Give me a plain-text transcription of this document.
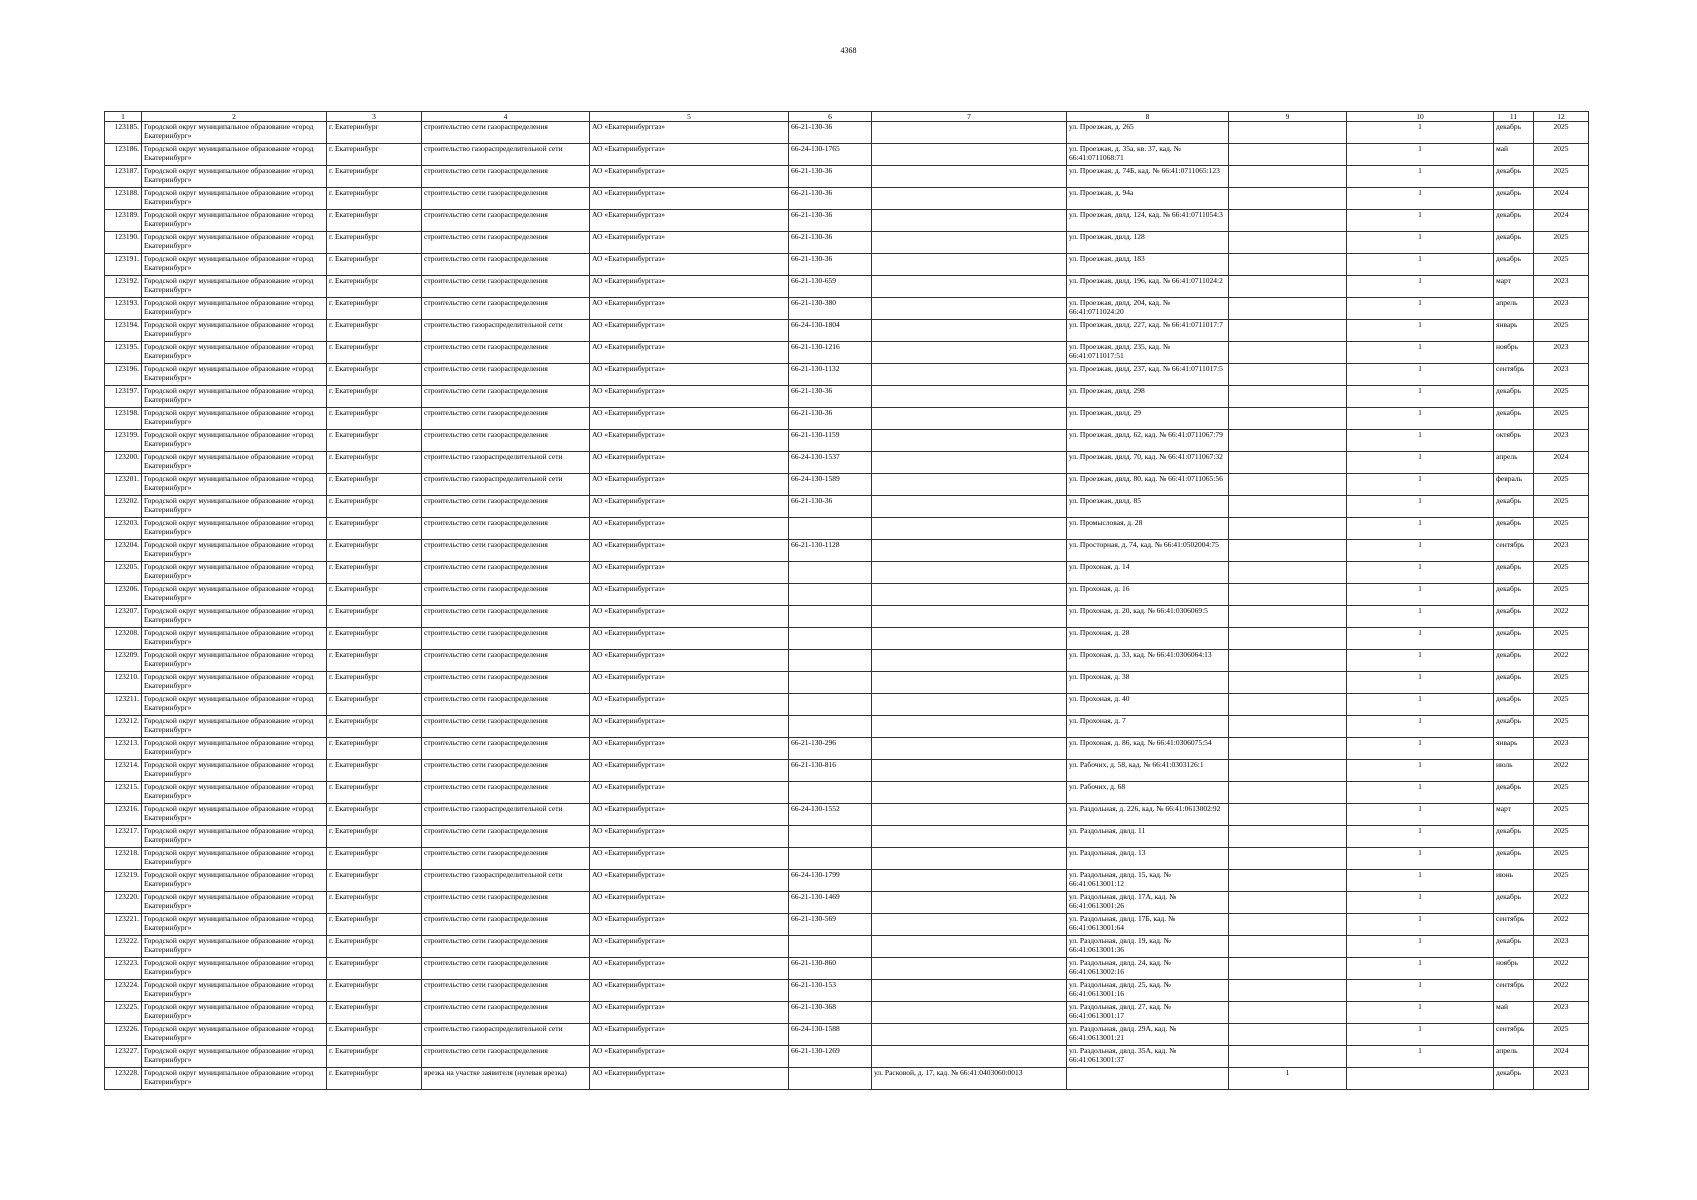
4368
1	2	3	4	5	6	7	8	9	10	11	12
123185.	Городской округ муниципальное образование «город Екатеринбург»	г. Екатеринбург	строительство сети газораспределения	АО «Екатеринбурггаз»	66-21-130-36		ул. Проезжая, д. 265		1	декабрь	2025
123186.	Городской округ муниципальное образование «город Екатеринбург»	г. Екатеринбург	строительство газораспределительной сети	АО «Екатеринбурггаз»	66-24-130-1765		ул. Проезжая, д. 35а, кв. 37, кад. № 66:41:0711068:71		1	май	2025
123187.	Городской округ муниципальное образование «город Екатеринбург»	г. Екатеринбург	строительство сети газораспределения	АО «Екатеринбурггаз»	66-21-130-36		ул. Проезжая, д. 74Б, кад. № 66:41:0711065:123		1	декабрь	2025
123188.	Городской округ муниципальное образование «город Екатеринбург»	г. Екатеринбург	строительство сети газораспределения	АО «Екатеринбурггаз»	66-21-130-36		ул. Проезжая, д. 94а		1	декабрь	2024
123189.	Городской округ муниципальное образование «город Екатеринбург»	г. Екатеринбург	строительство сети газораспределения	АО «Екатеринбурггаз»	66-21-130-36		ул. Проезжая, двлд. 124, кад. № 66:41:0711054:3		1	декабрь	2024
123190.	Городской округ муниципальное образование «город Екатеринбург»	г. Екатеринбург	строительство сети газораспределения	АО «Екатеринбурггаз»	66-21-130-36		ул. Проезжая, двлд. 128		1	декабрь	2025
123191.	Городской округ муниципальное образование «город Екатеринбург»	г. Екатеринбург	строительство сети газораспределения	АО «Екатеринбурггаз»	66-21-130-36		ул. Проезжая, двлд. 183		1	декабрь	2025
123192.	Городской округ муниципальное образование «город Екатеринбург»	г. Екатеринбург	строительство сети газораспределения	АО «Екатеринбурггаз»	66-21-130-659		ул. Проезжая, двлд. 196, кад. № 66:41:0711024:2		1	март	2023
123193.	Городской округ муниципальное образование «город Екатеринбург»	г. Екатеринбург	строительство сети газораспределения	АО «Екатеринбурггаз»	66-21-130-380		ул. Проезжая, двлд. 204, кад. № 66:41:0711024:20		1	апрель	2023
123194.	Городской округ муниципальное образование «город Екатеринбург»	г. Екатеринбург	строительство газораспределительной сети	АО «Екатеринбурггаз»	66-24-130-1804		ул. Проезжая, двлд. 227, кад. № 66:41:0711017:7		1	январь	2025
123195.	Городской округ муниципальное образование «город Екатеринбург»	г. Екатеринбург	строительство сети газораспределения	АО «Екатеринбурггаз»	66-21-130-1216		ул. Проезжая, двлд. 235, кад. № 66:41:0711017:51		1	ноябрь	2023
123196.	Городской округ муниципальное образование «город Екатеринбург»	г. Екатеринбург	строительство сети газораспределения	АО «Екатеринбурггаз»	66-21-130-1132		ул. Проезжая, двлд. 237, кад. № 66:41:0711017:5		1	сентябрь	2023
123197.	Городской округ муниципальное образование «город Екатеринбург»	г. Екатеринбург	строительство сети газораспределения	АО «Екатеринбурггаз»	66-21-130-36		ул. Проезжая, двлд. 298		1	декабрь	2025
123198.	Городской округ муниципальное образование «город Екатеринбург»	г. Екатеринбург	строительство сети газораспределения	АО «Екатеринбурггаз»	66-21-130-36		ул. Проезжая, двлд. 29		1	декабрь	2025
123199.	Городской округ муниципальное образование «город Екатеринбург»	г. Екатеринбург	строительство сети газораспределения	АО «Екатеринбурггаз»	66-21-130-1159		ул. Проезжая, двлд. 62, кад. № 66:41:0711067:79		1	октябрь	2023
123200.	Городской округ муниципальное образование «город Екатеринбург»	г. Екатеринбург	строительство газораспределительной сети	АО «Екатеринбурггаз»	66-24-130-1537		ул. Проезжая, двлд. 70, кад. № 66:41:0711067:32		1	апрель	2024
123201.	Городской округ муниципальное образование «город Екатеринбург»	г. Екатеринбург	строительство газораспределительной сети	АО «Екатеринбурггаз»	66-24-130-1589		ул. Проезжая, двлд. 80, кад. № 66:41:0711065:56		1	февраль	2025
123202.	Городской округ муниципальное образование «город Екатеринбург»	г. Екатеринбург	строительство сети газораспределения	АО «Екатеринбурггаз»	66-21-130-36		ул. Проезжая, двлд. 85		1	декабрь	2025
123203.	Городской округ муниципальное образование «город Екатеринбург»	г. Екатеринбург	строительство сети газораспределения	АО «Екатеринбурггаз»			ул. Промысловая, д. 28		1	декабрь	2025
123204.	Городской округ муниципальное образование «город Екатеринбург»	г. Екатеринбург	строительство сети газораспределения	АО «Екатеринбурггаз»	66-21-130-1128		ул. Просторная, д. 74, кад. № 66:41:0502004:75		1	сентябрь	2023
123205.	Городской округ муниципальное образование «город Екатеринбург»	г. Екатеринбург	строительство сети газораспределения	АО «Екатеринбурггаз»			ул. Прохоная, д. 14		1	декабрь	2025
123206.	Городской округ муниципальное образование «город Екатеринбург»	г. Екатеринбург	строительство сети газораспределения	АО «Екатеринбурггаз»			ул. Прохоная, д. 16		1	декабрь	2025
123207.	Городской округ муниципальное образование «город Екатеринбург»	г. Екатеринбург	строительство сети газораспределения	АО «Екатеринбурггаз»			ул. Прохоная, д. 20, кад. № 66:41:0306069:5		1	декабрь	2022
123208.	Городской округ муниципальное образование «город Екатеринбург»	г. Екатеринбург	строительство сети газораспределения	АО «Екатеринбурггаз»			ул. Прохоная, д. 28		1	декабрь	2025
123209.	Городской округ муниципальное образование «город Екатеринбург»	г. Екатеринбург	строительство сети газораспределения	АО «Екатеринбурггаз»			ул. Прохоная, д. 33, кад. № 66:41:0306064:13		1	декабрь	2022
123210.	Городской округ муниципальное образование «город Екатеринбург»	г. Екатеринбург	строительство сети газораспределения	АО «Екатеринбурггаз»			ул. Прохоная, д. 38		1	декабрь	2025
123211.	Городской округ муниципальное образование «город Екатеринбург»	г. Екатеринбург	строительство сети газораспределения	АО «Екатеринбурггаз»			ул. Прохоная, д. 40		1	декабрь	2025
123212.	Городской округ муниципальное образование «город Екатеринбург»	г. Екатеринбург	строительство сети газораспределения	АО «Екатеринбурггаз»			ул. Прохоная, д. 7		1	декабрь	2025
123213.	Городской округ муниципальное образование «город Екатеринбург»	г. Екатеринбург	строительство сети газораспределения	АО «Екатеринбурггаз»	66-21-130-296		ул. Прохоная, д. 86, кад. № 66:41:0306075:54		1	январь	2023
123214.	Городской округ муниципальное образование «город Екатеринбург»	г. Екатеринбург	строительство сети газораспределения	АО «Екатеринбурггаз»	66-21-130-816		ул. Рабочих, д. 58, кад. № 66:41:0303126:1		1	июль	2022
123215.	Городской округ муниципальное образование «город Екатеринбург»	г. Екатеринбург	строительство сети газораспределения	АО «Екатеринбурггаз»			ул. Рабочих, д. 68		1	декабрь	2025
123216.	Городской округ муниципальное образование «город Екатеринбург»	г. Екатеринбург	строительство газораспределительной сети	АО «Екатеринбурггаз»	66-24-130-1552		ул. Раздольная, д. 226, кад. № 66:41:0613002:92		1	март	2025
123217.	Городской округ муниципальное образование «город Екатеринбург»	г. Екатеринбург	строительство сети газораспределения	АО «Екатеринбурггаз»			ул. Раздольная, двлд. 11		1	декабрь	2025
123218.	Городской округ муниципальное образование «город Екатеринбург»	г. Екатеринбург	строительство сети газораспределения	АО «Екатеринбурггаз»			ул. Раздольная, двлд. 13		1	декабрь	2025
123219.	Городской округ муниципальное образование «город Екатеринбург»	г. Екатеринбург	строительство газораспределительной сети	АО «Екатеринбурггаз»	66-24-130-1799		ул. Раздольная, двлд. 15, кад. № 66:41:0613001:12		1	июнь	2025
123220.	Городской округ муниципальное образование «город Екатеринбург»	г. Екатеринбург	строительство сети газораспределения	АО «Екатеринбурггаз»	66-21-130-1469		ул. Раздольная, двлд. 17А, кад. № 66:41:0613001:26		1	декабрь	2022
123221.	Городской округ муниципальное образование «город Екатеринбург»	г. Екатеринбург	строительство сети газораспределения	АО «Екатеринбурггаз»	66-21-130-569		ул. Раздольная, двлд. 17Б, кад. № 66:41:0613001:64		1	сентябрь	2022
123222.	Городской округ муниципальное образование «город Екатеринбург»	г. Екатеринбург	строительство сети газораспределения	АО «Екатеринбурггаз»			ул. Раздольная, двлд. 19, кад. № 66:41:0613001:36		1	декабрь	2023
123223.	Городской округ муниципальное образование «город Екатеринбург»	г. Екатеринбург	строительство сети газораспределения	АО «Екатеринбурггаз»	66-21-130-860		ул. Раздольная, двлд. 24, кад. № 66:41:0613002:16		1	ноябрь	2022
123224.	Городской округ муниципальное образование «город Екатеринбург»	г. Екатеринбург	строительство сети газораспределения	АО «Екатеринбурггаз»	66-21-130-153		ул. Раздольная, двлд. 25, кад. № 66:41:0613001:16		1	сентябрь	2022
123225.	Городской округ муниципальное образование «город Екатеринбург»	г. Екатеринбург	строительство сети газораспределения	АО «Екатеринбурггаз»	66-21-130-368		ул. Раздольная, двлд. 27, кад. № 66:41:0613001:17		1	май	2023
123226.	Городской округ муниципальное образование «город Екатеринбург»	г. Екатеринбург	строительство газораспределительной сети	АО «Екатеринбурггаз»	66-24-130-1588		ул. Раздольная, двлд. 29А, кад. № 66:41:0613001:21		1	сентябрь	2025
123227.	Городской округ муниципальное образование «город Екатеринбург»	г. Екатеринбург	строительство сети газораспределения	АО «Екатеринбурггаз»	66-21-130-1269		ул. Раздольная, двлд. 35А, кад. № 66:41:0613001:37		1	апрель	2024
123228.	Городской округ муниципальное образование «город Екатеринбург»	г. Екатеринбург	врезка на участке заявителя (нулевая врезка)	АО «Екатеринбурггаз»		ул. Расковой, д. 17, кад. № 66:41:0403060:0013		1		декабрь	2023
